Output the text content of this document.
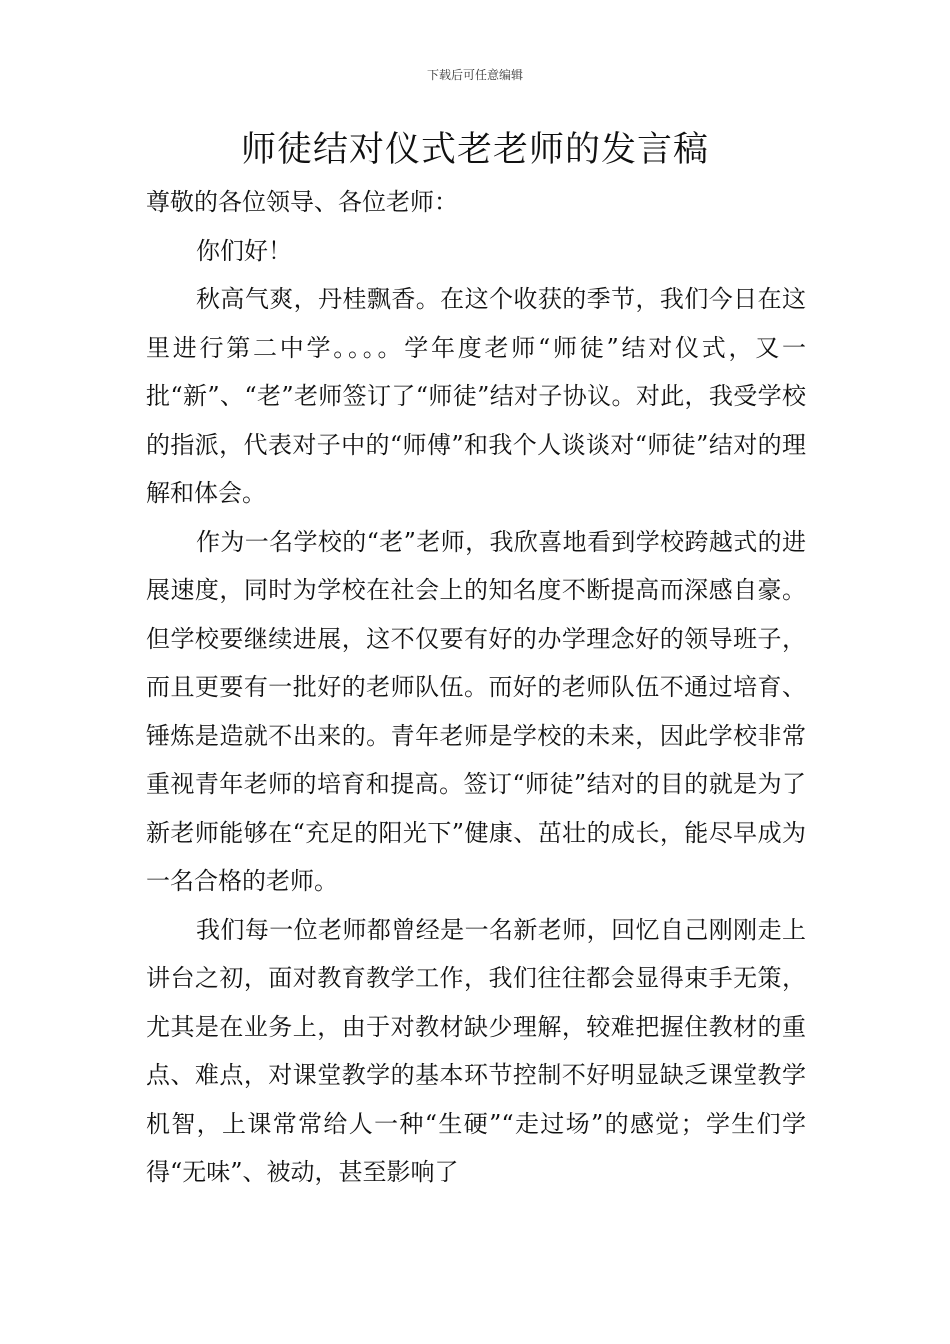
下载后可任意编辑
师徒结对仪式老老师的发言稿

尊敬的各位领导、各位老师：

你们好！

秋高气爽，丹桂飘香。在这个收获的季节，我们今日在这里进行第二中学。。。。学年度老师“师徒”结对仪式，又一批“新”、“老”老师签订了“师徒”结对子协议。对此，我受学校的指派，代表对子中的“师傅”和我个人谈谈对“师徒”结对的理解和体会。

作为一名学校的“老”老师，我欣喜地看到学校跨越式的进展速度，同时为学校在社会上的知名度不断提高而深感自豪。但学校要继续进展，这不仅要有好的办学理念好的领导班子，而且更要有一批好的老师队伍。而好的老师队伍不通过培育、锤炼是造就不出来的。青年老师是学校的未来，因此学校非常重视青年老师的培育和提高。签订“师徒”结对的目的就是为了新老师能够在“充足的阳光下”健康、茁壮的成长，能尽早成为一名合格的老师。

我们每一位老师都曾经是一名新老师，回忆自己刚刚走上讲台之初，面对教育教学工作，我们往往都会显得束手无策，尤其是在业务上，由于对教材缺少理解，较难把握住教材的重点、难点，对课堂教学的基本环节控制不好明显缺乏课堂教学机智，上课常常给人一种“生硬”“走过场”的感觉；学生们学得“无味”、被动，甚至影响了
